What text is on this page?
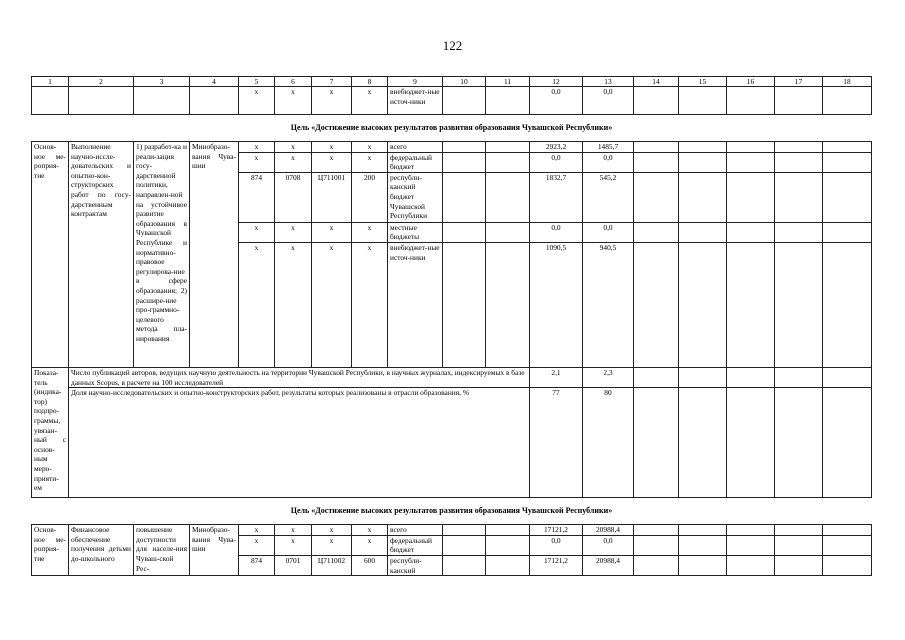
122
1	2	3	4	5	6	7	8	9	10	11	12	13	14	15	16	17	18
				x	x	x	x	внебюджет-ные источ-ники			0,0	0,0					
Цель «Достижение высоких результатов развития образования Чувашской Республики»																	
Основ-ное ме-роприя-тие	Выполнение научно-иссле-довательских и опытно-кон-структорских работ по госу-дарственным контрактам	1) разработ-ка и реали-зация госу-дарственной политики, направлен-ной на устойчивое развитие образования в Чувашской Республике и нормативно-правовое регулирова-ние в сфере образования; 2) расшире-ние про-граммно-целевого метода пла-нирования	Минобразо-вания Чува-шии	x	x	x	x	всего			2923,2	1485,7					
				x	x	x	x	федеральный бюджет			0,0	0,0					
				874	0708	Ц711001	200	республи-канский бюджет Чувашской Республики			1832,7	545,2					
				x	x	x	x	местные бюджеты			0,0	0,0					
				x	x	x	x	внебюджет-ные источ-ники			1090,5	940,5					
Показа-тель (индика-тор) подпро-граммы, увязан-ный с основ-ным меро-прияти-ем	Число публикаций авторов, ведущих научную деятельность на территории Чувашской Республики, в научных журналах, индексируемых в базе данных Scopus, в расчете на 100 исследователей										2,1	2,3					
	Доля научно-исследовательских и опытно-конструкторских работ, результаты которых реализованы в отрасли образования, %										77	80					
Цель «Достижение высоких результатов развития образования Чувашской Республики»																	
Основ-ное ме-роприя-тие	Финансовое обеспечение получения детьми до-школьного	повышение доступности для населе-ния Чуваш-ской Рес-	Минобразо-вания Чува-шии	x	x	x	x	всего			17121,2	20988,4					
				x	x	x	x	федеральный бюджет			0,0	0,0					
				874	0701	Ц711002	600	республи-канский			17121,2	20988,4					
